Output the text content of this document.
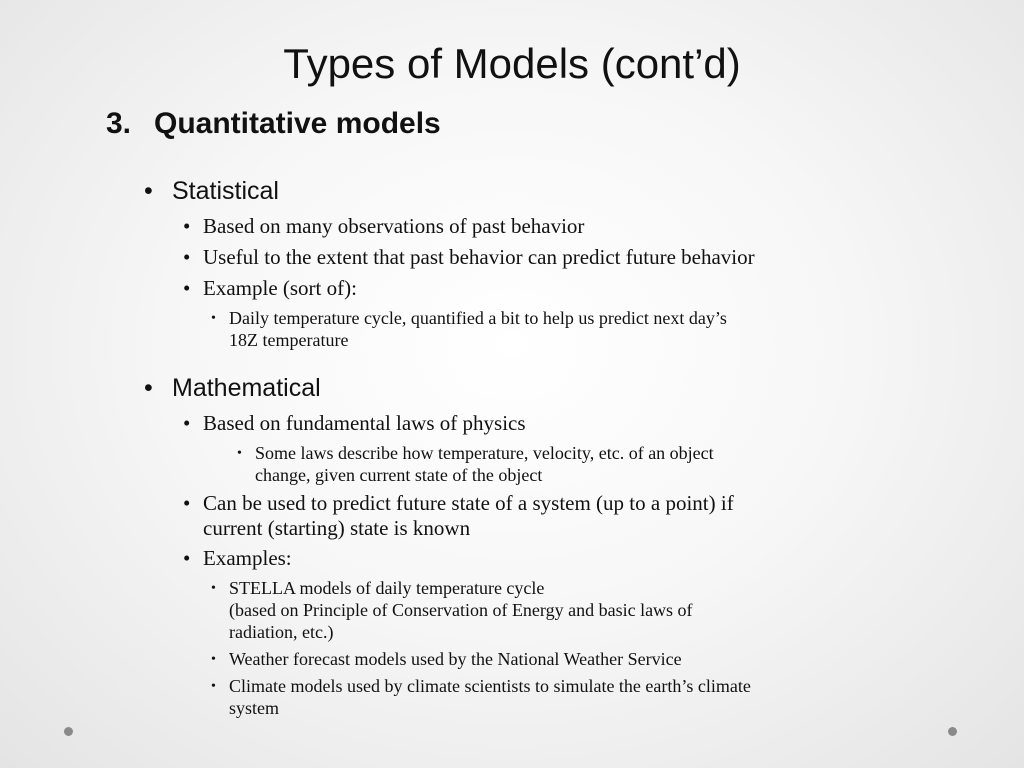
Types of Models (cont’d)
3. Quantitative models
• Statistical
• Based on many observations of past behavior
• Useful to the extent that past behavior can predict future behavior
• Example (sort of):
• Daily temperature cycle, quantified a bit to help us predict next day’s
18Z temperature
• Mathematical
• Based on fundamental laws of physics
• Some laws describe how temperature, velocity, etc. of an object
change, given current state of the object
• Can be used to predict future state of a system (up to a point) if
current (starting) state is known
• Examples:
• STELLA models of daily temperature cycle
(based on Principle of Conservation of Energy and basic laws of
radiation, etc.)
• Weather forecast models used by the National Weather Service
• Climate models used by climate scientists to simulate the earth’s climate
system
